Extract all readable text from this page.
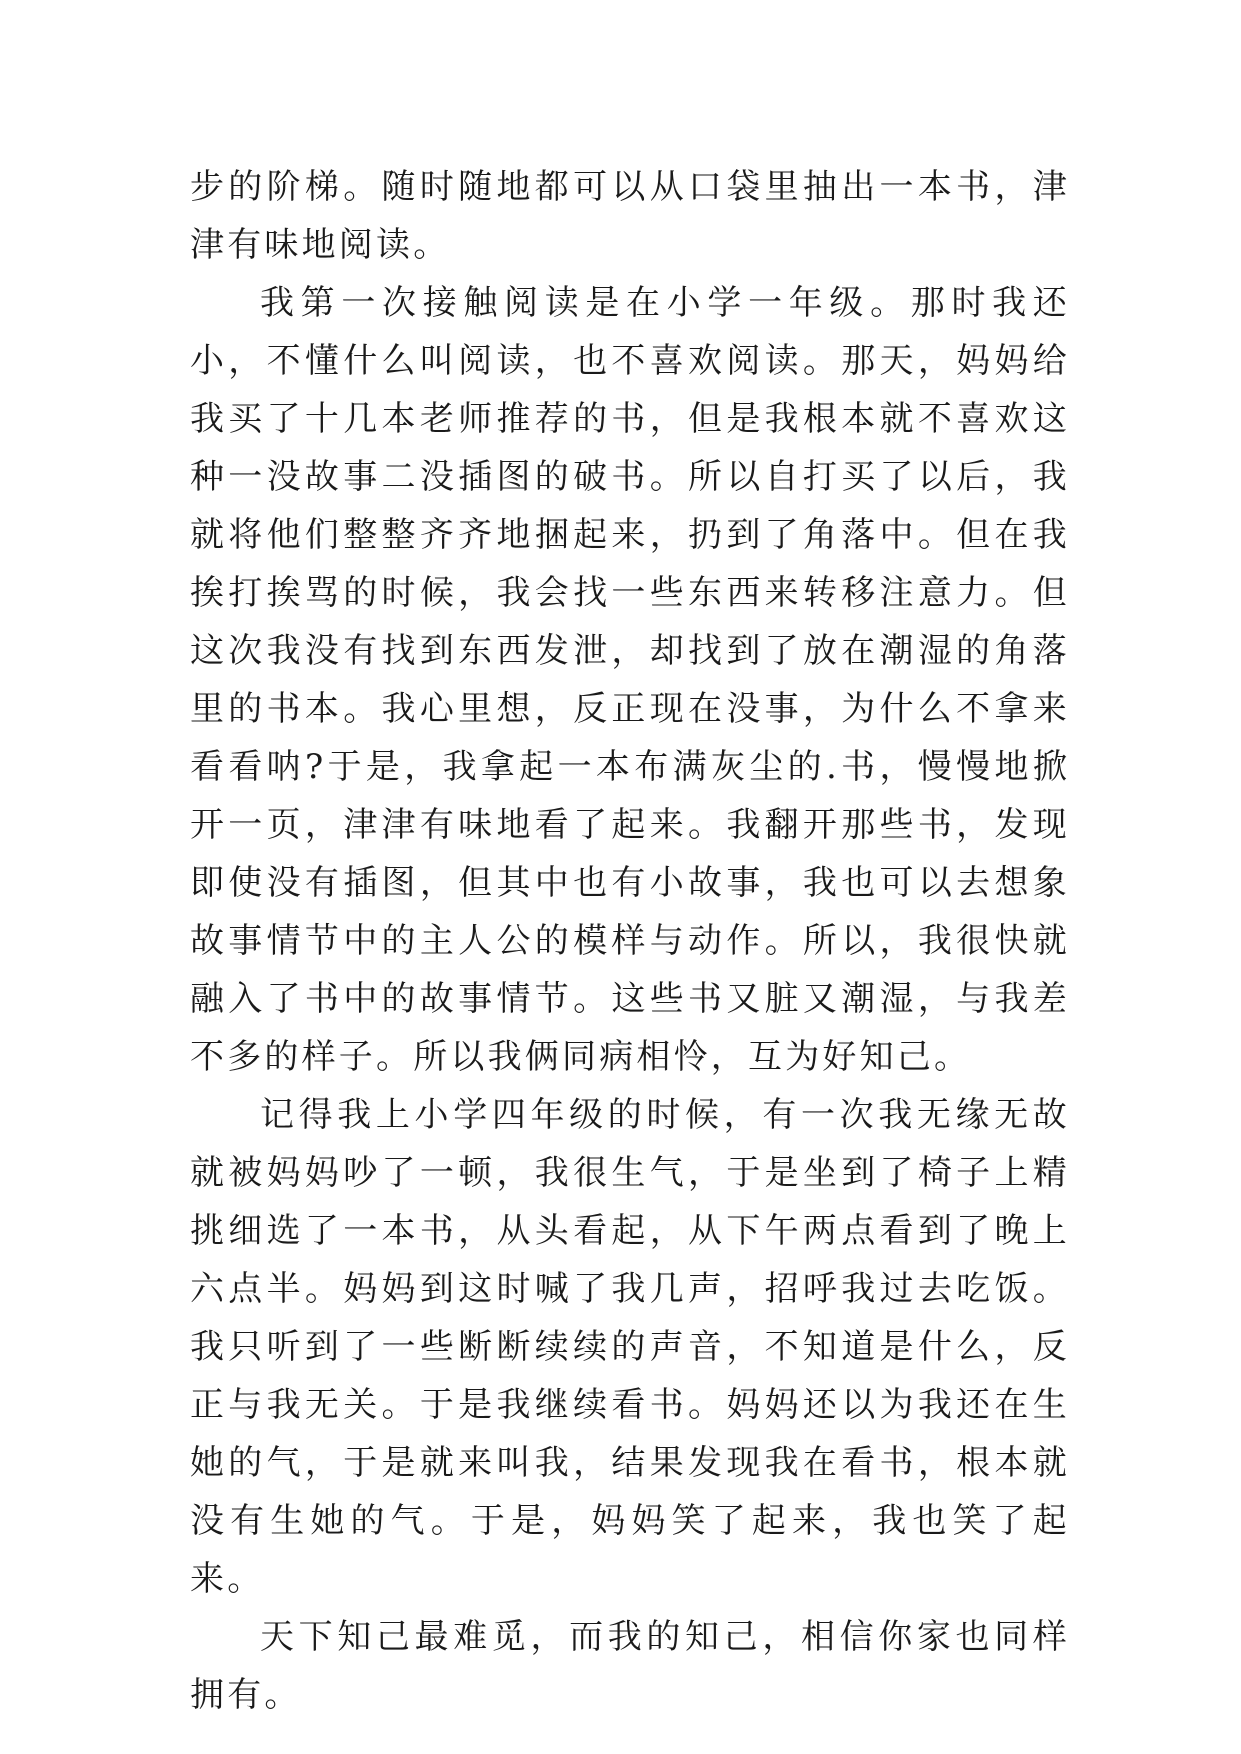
步的阶梯。随时随地都可以从口袋里抽出一本书，津津有味地阅读。

我第一次接触阅读是在小学一年级。那时我还小，不懂什么叫阅读，也不喜欢阅读。那天，妈妈给我买了十几本老师推荐的书，但是我根本就不喜欢这种一没故事二没插图的破书。所以自打买了以后，我就将他们整整齐齐地捆起来，扔到了角落中。但在我挨打挨骂的时候，我会找一些东西来转移注意力。但这次我没有找到东西发泄，却找到了放在潮湿的角落里的书本。我心里想，反正现在没事，为什么不拿来看看呐?于是，我拿起一本布满灰尘的.书，慢慢地掀开一页，津津有味地看了起来。我翻开那些书，发现即使没有插图，但其中也有小故事，我也可以去想象故事情节中的主人公的模样与动作。所以，我很快就融入了书中的故事情节。这些书又脏又潮湿，与我差不多的样子。所以我俩同病相怜，互为好知己。

记得我上小学四年级的时候，有一次我无缘无故就被妈妈吵了一顿，我很生气，于是坐到了椅子上精挑细选了一本书，从头看起，从下午两点看到了晚上六点半。妈妈到这时喊了我几声，招呼我过去吃饭。我只听到了一些断断续续的声音，不知道是什么，反正与我无关。于是我继续看书。妈妈还以为我还在生她的气，于是就来叫我，结果发现我在看书，根本就没有生她的气。于是，妈妈笑了起来，我也笑了起来。

天下知己最难觅，而我的知己，相信你家也同样拥有。
